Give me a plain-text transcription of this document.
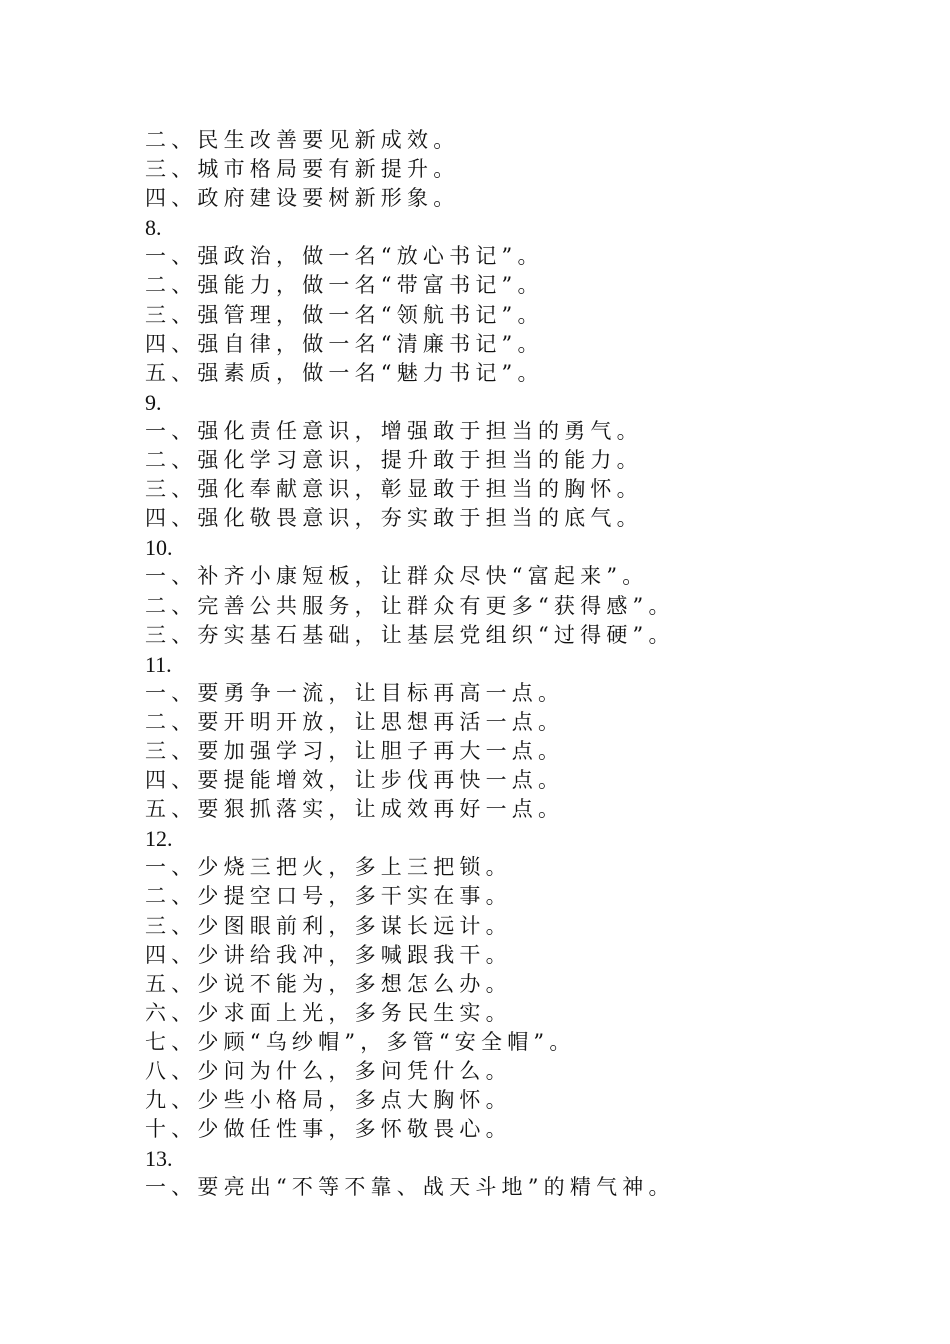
二、民生改善要见新成效。
三、城市格局要有新提升。
四、政府建设要树新形象。
8.
一、强政治，做一名“放心书记”。
二、强能力，做一名“带富书记”。
三、强管理，做一名“领航书记”。
四、强自律，做一名“清廉书记”。
五、强素质，做一名“魅力书记”。
9.
一、强化责任意识，增强敢于担当的勇气。
二、强化学习意识，提升敢于担当的能力。
三、强化奉献意识，彰显敢于担当的胸怀。
四、强化敬畏意识，夯实敢于担当的底气。
10.
一、补齐小康短板，让群众尽快“富起来”。
二、完善公共服务，让群众有更多“获得感”。
三、夯实基石基础，让基层党组织“过得硬”。
11.
一、要勇争一流，让目标再高一点。
二、要开明开放，让思想再活一点。
三、要加强学习，让胆子再大一点。
四、要提能增效，让步伐再快一点。
五、要狠抓落实，让成效再好一点。
12.
一、少烧三把火，多上三把锁。
二、少提空口号，多干实在事。
三、少图眼前利，多谋长远计。
四、少讲给我冲，多喊跟我干。
五、少说不能为，多想怎么办。
六、少求面上光，多务民生实。
七、少顾“乌纱帽”，多管“安全帽”。
八、少问为什么，多问凭什么。
九、少些小格局，多点大胸怀。
十、少做任性事，多怀敬畏心。
13.
一、要亮出“不等不靠、战天斗地”的精气神。
